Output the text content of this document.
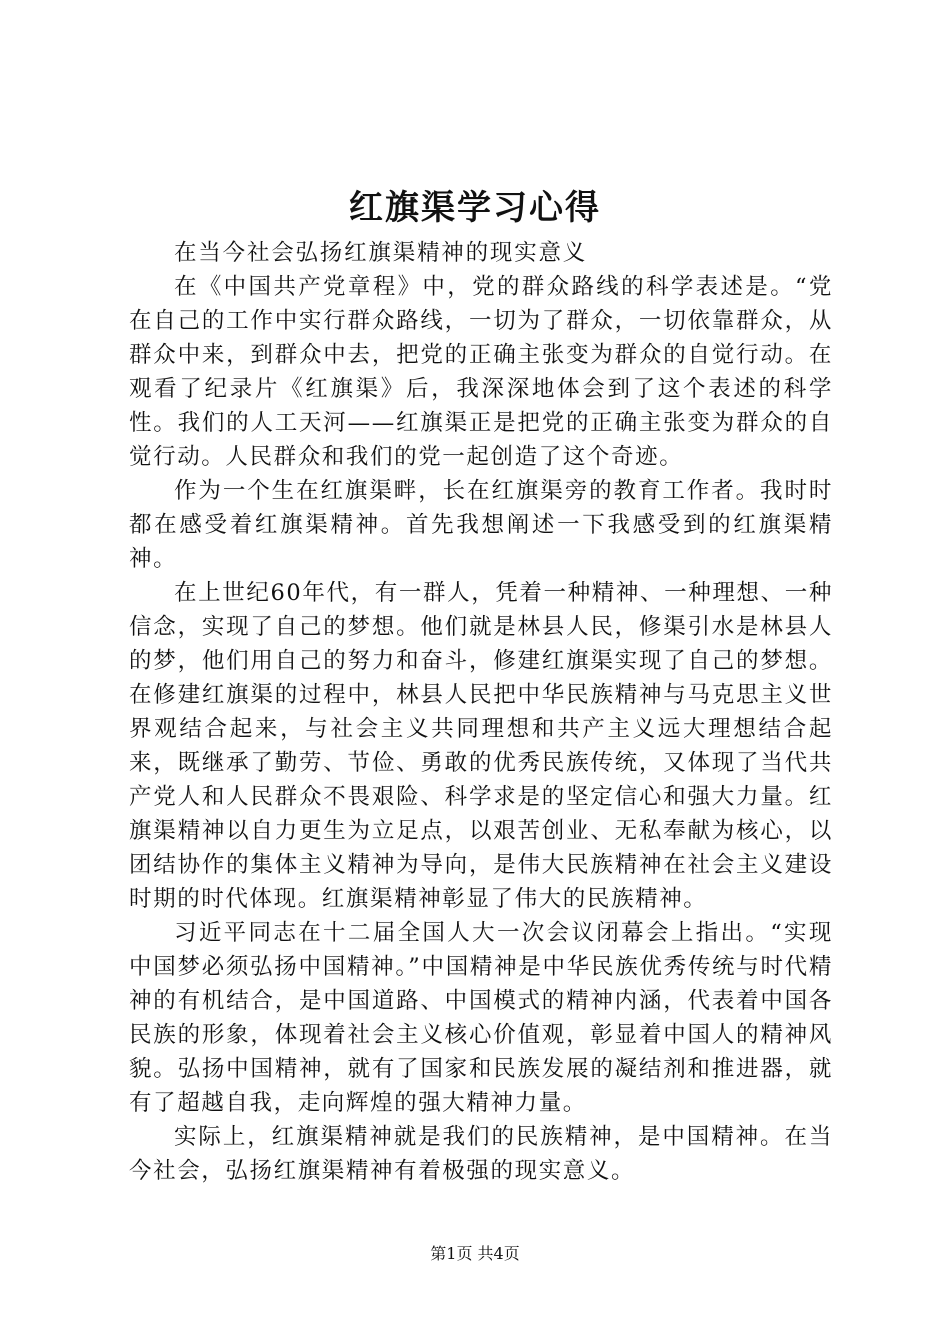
红旗渠学习心得

在当今社会弘扬红旗渠精神的现实意义

在《中国共产党章程》中，党的群众路线的科学表述是。“党在自己的工作中实行群众路线，一切为了群众，一切依靠群众，从群众中来，到群众中去，把党的正确主张变为群众的自觉行动。在观看了纪录片《红旗渠》后，我深深地体会到了这个表述的科学性。我们的人工天河——红旗渠正是把党的正确主张变为群众的自觉行动。人民群众和我们的党一起创造了这个奇迹。

作为一个生在红旗渠畔，长在红旗渠旁的教育工作者。我时时都在感受着红旗渠精神。首先我想阐述一下我感受到的红旗渠精神。

在上世纪60年代，有一群人，凭着一种精神、一种理想、一种信念，实现了自己的梦想。他们就是林县人民，修渠引水是林县人的梦，他们用自己的努力和奋斗，修建红旗渠实现了自己的梦想。在修建红旗渠的过程中，林县人民把中华民族精神与马克思主义世界观结合起来，与社会主义共同理想和共产主义远大理想结合起来，既继承了勤劳、节俭、勇敢的优秀民族传统，又体现了当代共产党人和人民群众不畏艰险、科学求是的坚定信心和强大力量。红旗渠精神以自力更生为立足点，以艰苦创业、无私奉献为核心，以团结协作的集体主义精神为导向，是伟大民族精神在社会主义建设时期的时代体现。红旗渠精神彰显了伟大的民族精神。

习近平同志在十二届全国人大一次会议闭幕会上指出。“实现中国梦必须弘扬中国精神。”中国精神是中华民族优秀传统与时代精神的有机结合，是中国道路、中国模式的精神内涵，代表着中国各民族的形象，体现着社会主义核心价值观，彰显着中国人的精神风貌。弘扬中国精神，就有了国家和民族发展的凝结剂和推进器，就有了超越自我，走向辉煌的强大精神力量。

实际上，红旗渠精神就是我们的民族精神，是中国精神。在当今社会，弘扬红旗渠精神有着极强的现实意义。

第1页 共4页
